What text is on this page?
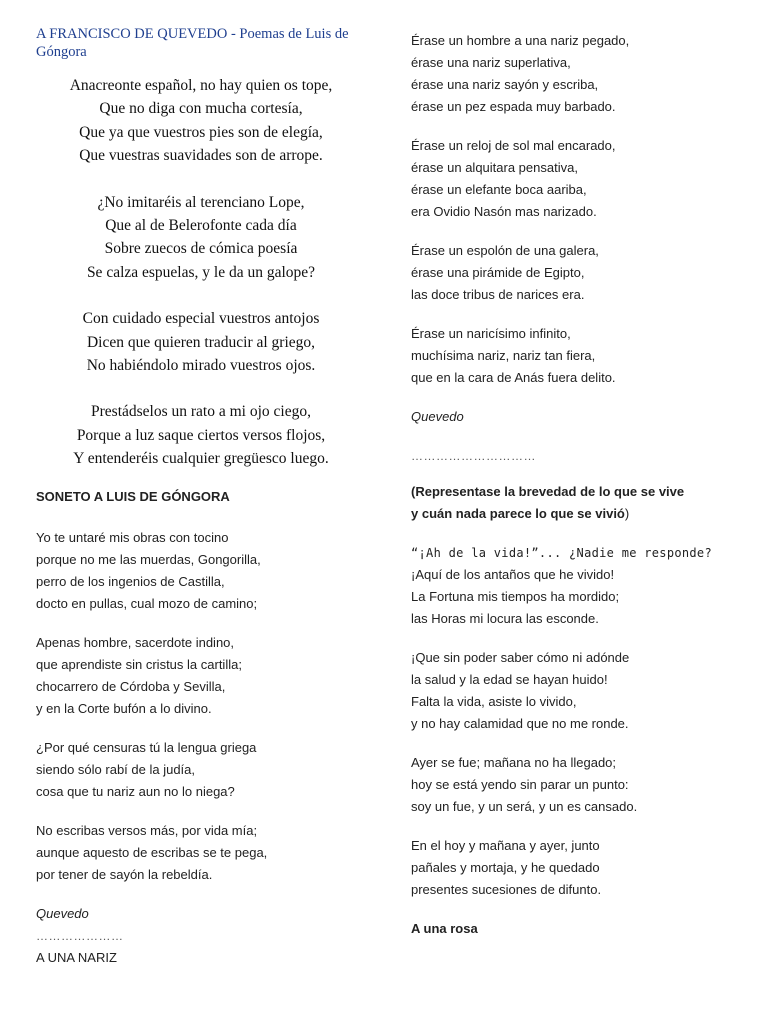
A FRANCISCO DE QUEVEDO - Poemas de Luis de Góngora
Anacreonte español, no hay quien os tope,
Que no diga con mucha cortesía,
Que ya que vuestros pies son de elegía,
Que vuestras suavidades son de arrope.
¿No imitaréis al terenciano Lope,
Que al de Belerofonte cada día
Sobre zuecos de cómica poesía
Se calza espuelas, y le da un galope?
Con cuidado especial vuestros antojos
Dicen que quieren traducir al griego,
No habiéndolo mirado vuestros ojos.
Prestádselos un rato a mi ojo ciego,
Porque a luz saque ciertos versos flojos,
Y entenderéis cualquier gregüesco luego.
SONETO A LUIS DE GÓNGORA
Yo te untaré mis obras con tocino
porque no me las muerdas, Gongorilla,
perro de los ingenios de Castilla,
docto en pullas, cual mozo de camino;
Apenas hombre, sacerdote indino,
que aprendiste sin cristus la cartilla;
chocarrero de Córdoba y Sevilla,
y en la Corte bufón a lo divino.
¿Por qué censuras tú la lengua griega
siendo sólo rabí de la judía,
cosa que tu nariz aun no lo niega?
No escribas versos más, por vida mía;
aunque aquesto de escribas se te pega,
por tener de sayón la rebeldía.
Quevedo
…………………
A UNA NARIZ
Érase un hombre a una nariz pegado,
érase una nariz superlativa,
érase una nariz sayón y escriba,
érase un pez espada muy barbado.
Érase un reloj de sol mal encarado,
érase un alquitara pensativa,
érase un elefante boca aariba,
era Ovidio Nasón mas narizado.
Érase un espolón de una galera,
érase una pirámide de Egipto,
las doce tribus de narices era.
Érase un naricísimo infinito,
muchísima nariz, nariz tan fiera,
que en la cara de Anás fuera delito.
Quevedo
…………………………
(Representase la brevedad de lo que se vive
y cuán nada parece lo que se vivió)
“¡Ah de la vida!”... ¿Nadie me responde?
¡Aquí de los antaños que he vivido!
La Fortuna mis tiempos ha mordido;
las Horas mi locura las esconde.
¡Que sin poder saber cómo ni adónde
la salud y la edad se hayan huido!
Falta la vida, asiste lo vivido,
y no hay calamidad que no me ronde.
Ayer se fue; mañana no ha llegado;
hoy se está yendo sin parar un punto:
soy un fue, y un será, y un es cansado.
En el hoy y mañana y ayer, junto
pañales y mortaja, y he quedado
presentes sucesiones de difunto.
A una rosa
